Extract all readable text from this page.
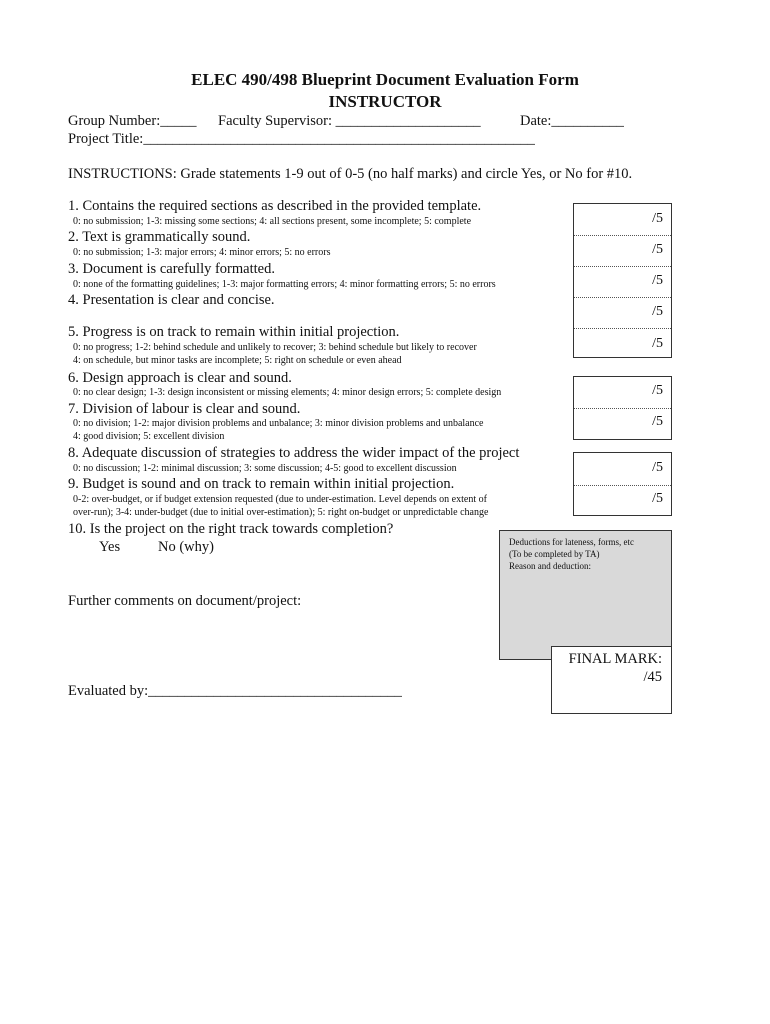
ELEC 490/498 Blueprint Document Evaluation Form
INSTRUCTOR
Group Number:_____ Faculty Supervisor: ____________________	Date:__________
Project Title:______________________________________________________
INSTRUCTIONS: Grade statements 1-9 out of 0-5 (no half marks) and circle Yes, or No for #10.
1. Contains the required sections as described in the provided template.
0: no submission; 1-3: missing some sections; 4: all sections present, some incomplete; 5: complete
2. Text is grammatically sound.
0: no submission; 1-3: major errors; 4: minor errors; 5: no errors
3. Document is carefully formatted.
0: none of the formatting guidelines; 1-3: major formatting errors; 4: minor formatting errors; 5: no errors
4. Presentation is clear and concise.
5. Progress is on track to remain within initial projection.
0: no progress; 1-2: behind schedule and unlikely to recover; 3: behind schedule but likely to recover
4: on schedule, but minor tasks are incomplete; 5: right on schedule or even ahead
6. Design approach is clear and sound.
0: no clear design; 1-3: design inconsistent or missing elements; 4: minor design errors; 5: complete design
7. Division of labour is clear and sound.
0: no division; 1-2: major division problems and unbalance; 3: minor division problems and unbalance
4: good division; 5: excellent division
8. Adequate discussion of strategies to address the wider impact of the project
0: no discussion; 1-2: minimal discussion; 3: some discussion; 4-5: good to excellent discussion
9. Budget is sound and on track to remain within initial projection.
0-2: over-budget, or if budget extension requested (due to under-estimation. Level depends on extent of
over-run); 3-4: under-budget (due to initial over-estimation); 5: right on-budget or unpredictable change
10. Is the project on the right track towards completion?
Yes	No (why)
/5
/5
/5
/5
/5
/5
/5
/5
/5
Deductions for lateness, forms, etc
(To be completed by TA)
Reason and deduction:
FINAL MARK:
/45
Further comments on document/project:
Evaluated by:___________________________________
